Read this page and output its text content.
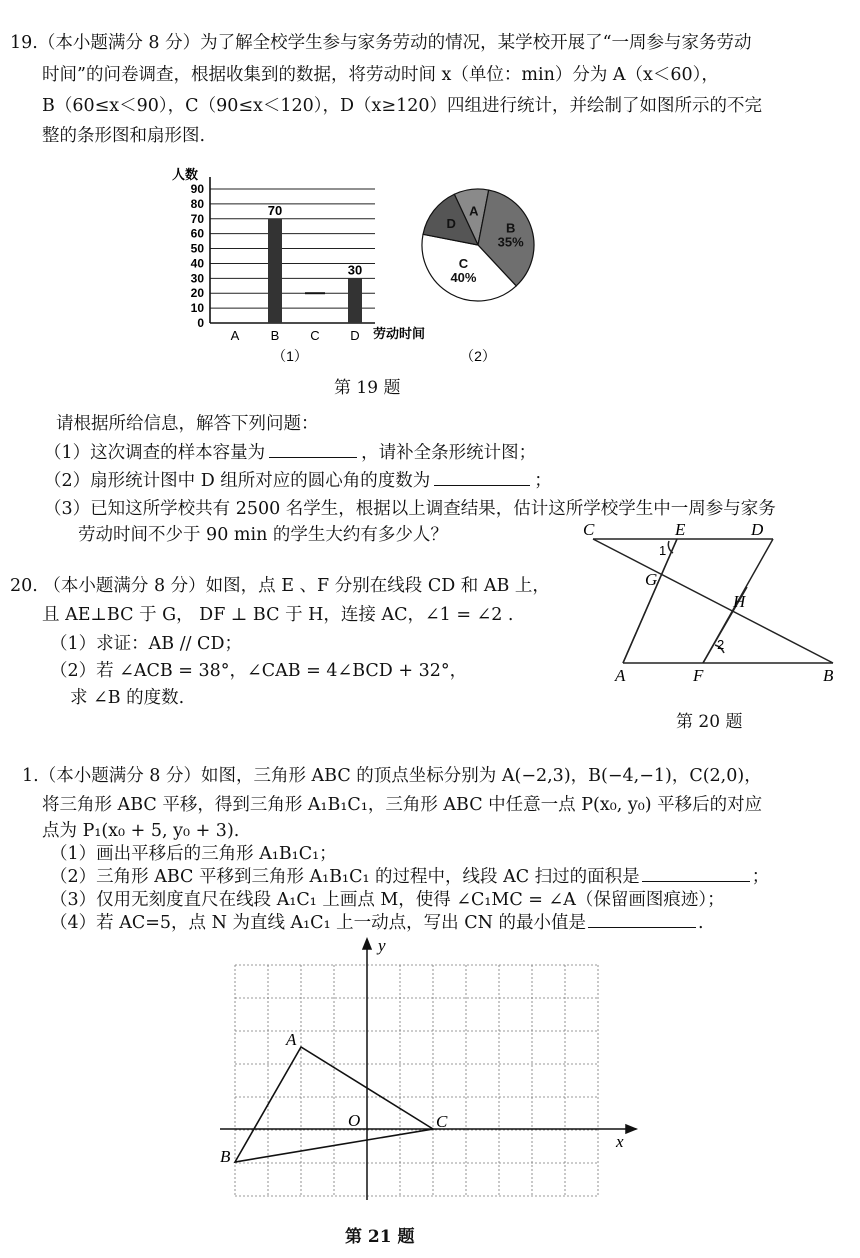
19.（本小题满分 8 分）为了解全校学生参与家务劳动的情况，某学校开展了“一周参与家务劳动
时间”的问卷调查，根据收集到的数据，将劳动时间 x（单位：min）分为 A（x＜60），
B（60≤x＜90），C（90≤x＜120），D（x≥120）四组进行统计，并绘制了如图所示的不完
整的条形图和扇形图.
人数
0
10
20
30
40
50
60
70
80
90
70
30
A B C D 劳动时间
（1）
A
B
35%
C
40%
D
（2）
第 19 题
请根据所给信息，解答下列问题：
（1）这次调查的样本容量为	，请补全条形统计图；
（2）扇形统计图中 D 组所对应的圆心角的度数为	；
（3）已知这所学校共有 2500 名学生，根据以上调查结果，估计这所学校学生中一周参与家务
劳动时间不少于 90 min 的学生大约有多少人？
20. （本小题满分 8 分）如图，点 E 、F 分别在线段 CD 和 AB 上，
且 AE⊥BC 于 G， DF ⊥ BC 于 H，连接 AC，∠1 = ∠2 .
（1）求证：AB // CD；
（2）若 ∠ACB = 38°，∠CAB = 4∠BCD + 32°，
求 ∠B 的度数.
C	E	D
G
H
A	F	B
1
2
第 20 题
1.（本小题满分 8 分）如图，三角形 ABC 的顶点坐标分别为 A(−2,3)，B(−4,−1)，C(2,0)，
将三角形 ABC 平移，得到三角形 A₁B₁C₁，三角形 ABC 中任意一点 P(x₀, y₀) 平移后的对应
点为 P₁(x₀ + 5, y₀ + 3).
（1）画出平移后的三角形 A₁B₁C₁；
（2）三角形 ABC 平移到三角形 A₁B₁C₁ 的过程中，线段 AC 扫过的面积是	；
（3）仅用无刻度直尺在线段 A₁C₁ 上画点 M，使得 ∠C₁MC = ∠A（保留画图痕迹）；
（4）若 AC=5，点 N 为直线 A₁C₁ 上一动点，写出 CN 的最小值是	.
y
x
O
A
B
C
第 21 题
